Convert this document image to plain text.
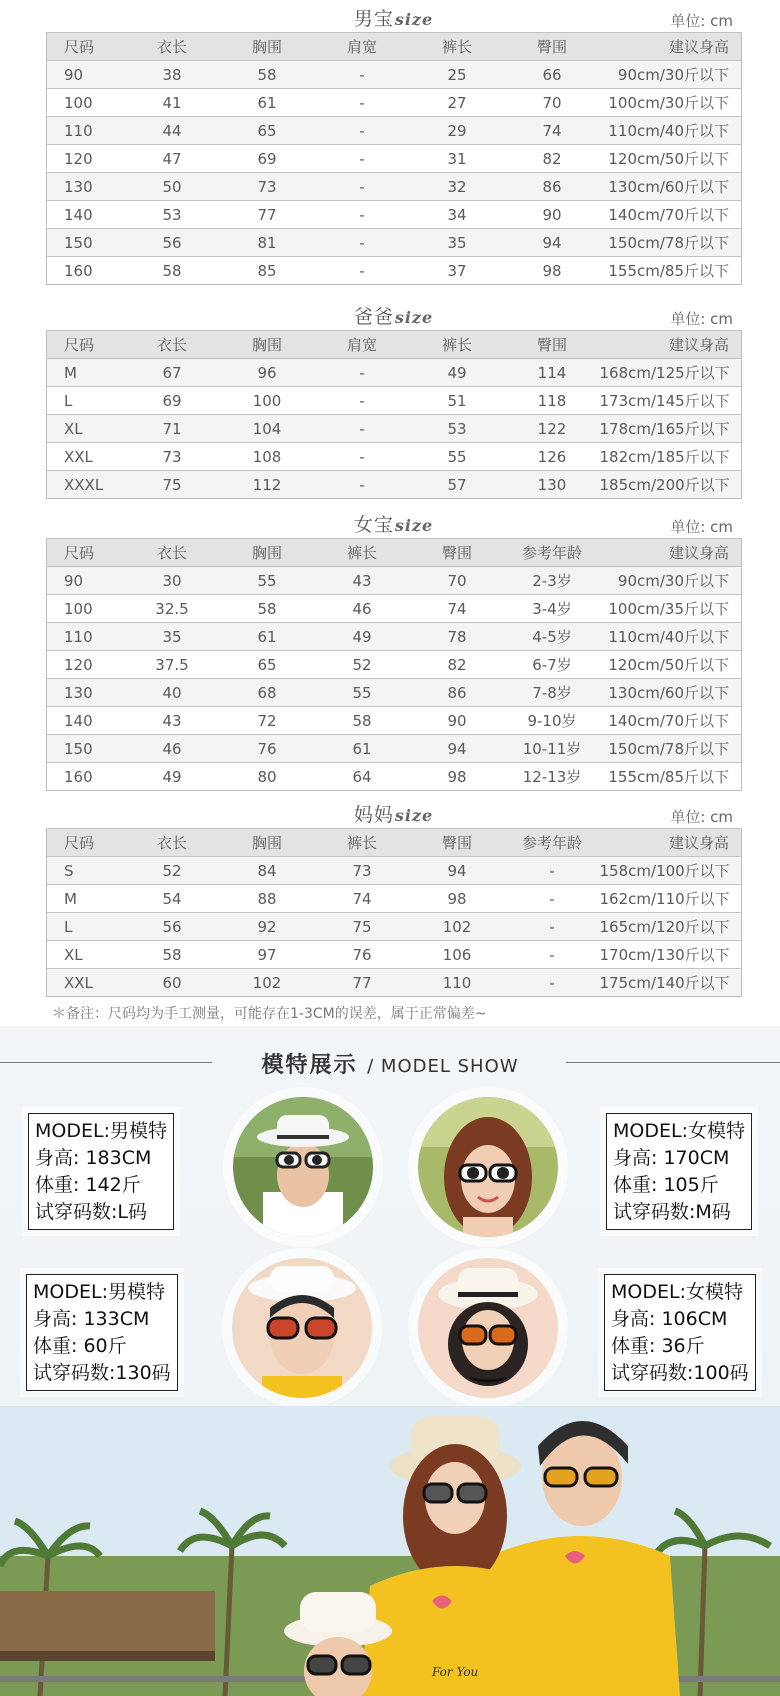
男宝size	单位: cm
尺码	衣长	胸围	肩宽	裤长	臀围	建议身高
90	38	58	-	25	66	90cm/30斤以下
100	41	61	-	27	70	100cm/30斤以下
110	44	65	-	29	74	110cm/40斤以下
120	47	69	-	31	82	120cm/50斤以下
130	50	73	-	32	86	130cm/60斤以下
140	53	77	-	34	90	140cm/70斤以下
150	56	81	-	35	94	150cm/78斤以下
160	58	85	-	37	98	155cm/85斤以下
爸爸size	单位: cm
尺码	衣长	胸围	肩宽	裤长	臀围	建议身高
M	67	96	-	49	114	168cm/125斤以下
L	69	100	-	51	118	173cm/145斤以下
XL	71	104	-	53	122	178cm/165斤以下
XXL	73	108	-	55	126	182cm/185斤以下
XXXL	75	112	-	57	130	185cm/200斤以下
女宝size	单位: cm
尺码	衣长	胸围	裤长	臀围	参考年龄	建议身高
90	30	55	43	70	2-3岁	90cm/30斤以下
100	32.5	58	46	74	3-4岁	100cm/35斤以下
110	35	61	49	78	4-5岁	110cm/40斤以下
120	37.5	65	52	82	6-7岁	120cm/50斤以下
130	40	68	55	86	7-8岁	130cm/60斤以下
140	43	72	58	90	9-10岁	140cm/70斤以下
150	46	76	61	94	10-11岁	150cm/78斤以下
160	49	80	64	98	12-13岁	155cm/85斤以下
妈妈size	单位: cm
尺码	衣长	胸围	裤长	臀围	参考年龄	建议身高
S	52	84	73	94	-	158cm/100斤以下
M	54	88	74	98	-	162cm/110斤以下
L	56	92	75	102	-	165cm/120斤以下
XL	58	97	76	106	-	170cm/130斤以下
XXL	60	102	77	110	-	175cm/140斤以下
＊备注：尺码均为手工测量，可能存在1-3CM的误差，属于正常偏差~
模特展示 / MODEL SHOW
MODEL:男模特
身高: 183CM
体重: 142斤
试穿码数:L码
MODEL:女模特
身高: 170CM
体重: 105斤
试穿码数:M码
MODEL:男模特
身高: 133CM
体重: 60斤
试穿码数:130码
MODEL:女模特
身高: 106CM
体重: 36斤
试穿码数:100码
For You
